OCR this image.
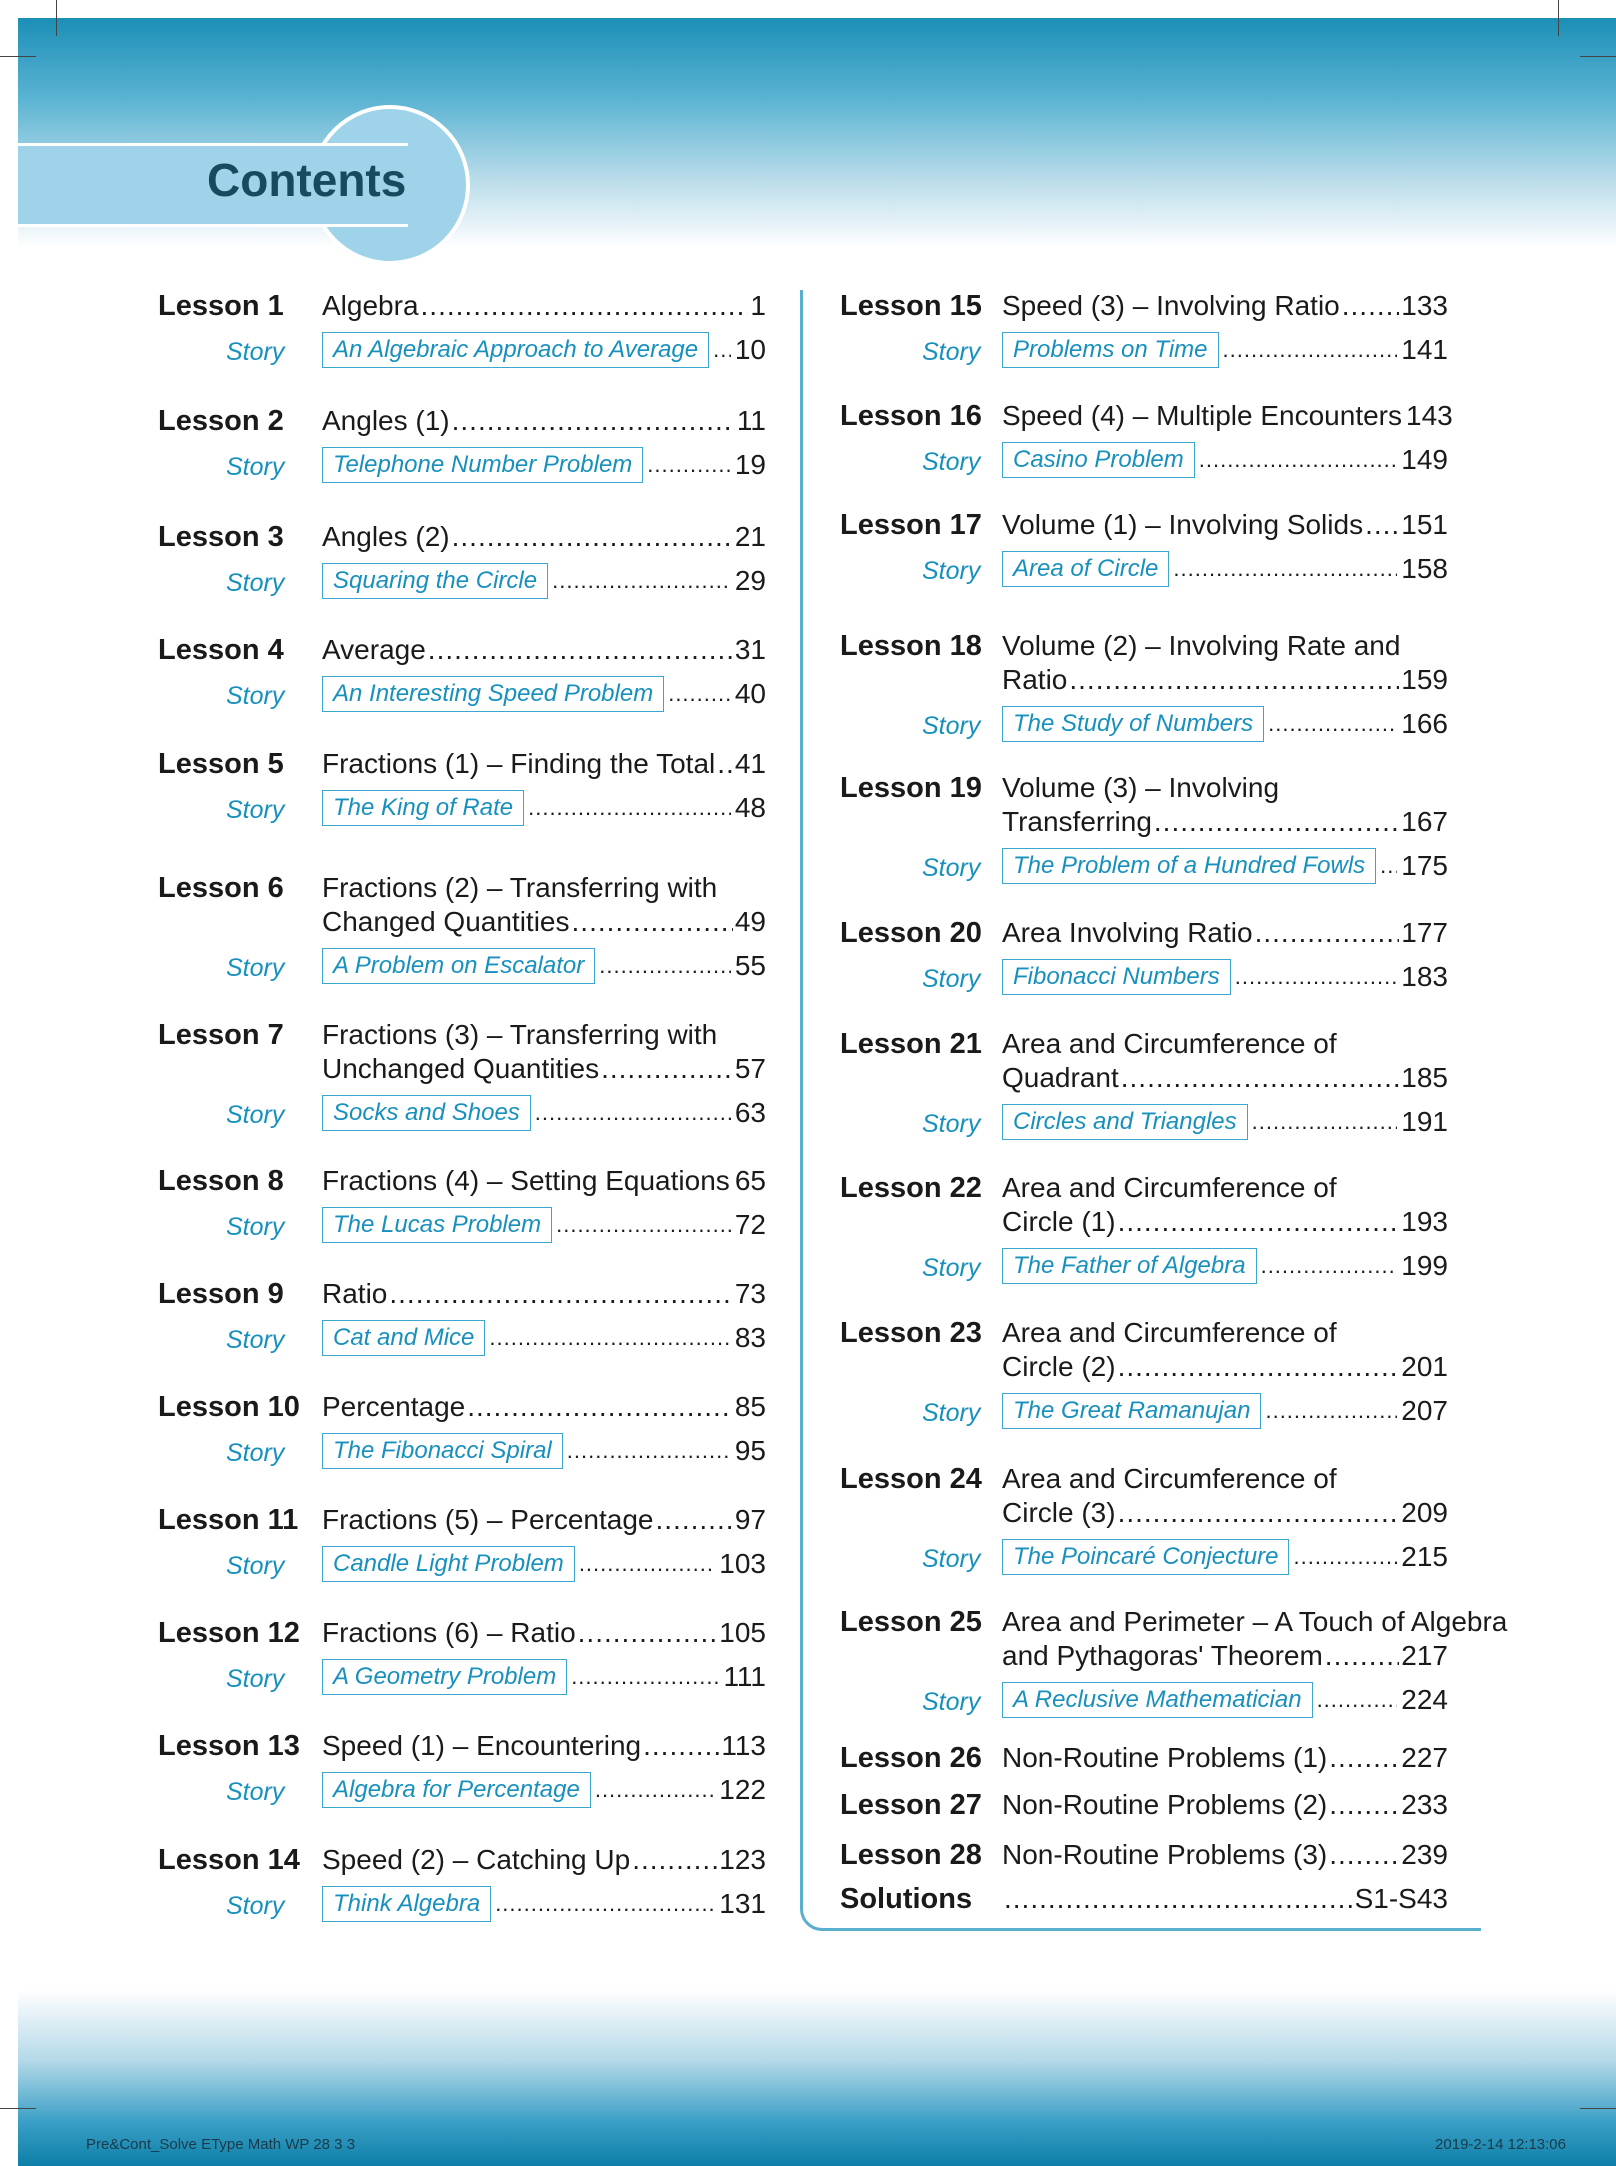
Contents
Lesson 1 Algebra .....	1
Story	An Algebraic Approach to Average .....	10
Lesson 2 Angles (1) .....	11
Story	Telephone Number Problem .....	19
Lesson 3 Angles (2) .....	21
Story	Squaring the Circle .....	29
Lesson 4 Average .....	31
Story	An Interesting Speed Problem .....	40
Lesson 5 Fractions (1) – Finding the Total ..... 41
Story	The King of Rate .....	48
Lesson 6 Fractions (2) – Transferring with
Changed Quantities .....	49
Story	A Problem on Escalator .....	55
Lesson 7 Fractions (3) – Transferring with
Unchanged Quantities .....	57
Story	Socks and Shoes .....	63
Lesson 8 Fractions (4) – Setting Equations ..... 65
Story	The Lucas Problem .....	72
Lesson 9 Ratio .....	73
Story	Cat and Mice .....	83
Lesson 10 Percentage .....	85
Story	The Fibonacci Spiral .....	95
Lesson 11 Fractions (5) – Percentage .....	97
Story	Candle Light Problem .....	103
Lesson 12 Fractions (6) – Ratio .....	105
Story	A Geometry Problem .....	111
Lesson 13 Speed (1) – Encountering .....	113
Story	Algebra for Percentage .....	122
Lesson 14 Speed (2) – Catching Up .....	123
Story	Think Algebra .....	131
Lesson 15 Speed (3) – Involving Ratio ..... 133
Story	Problems on Time .....	141
Lesson 16 Speed (4) – Multiple Encounters 143
Story	Casino Problem .....	149
Lesson 17 Volume (1) – Involving Solids ..... 151
Story	Area of Circle .....	158
Lesson 18 Volume (2) – Involving Rate and
Ratio .....	159
Story	The Study of Numbers .....	166
Lesson 19 Volume (3) – Involving
Transferring .....	167
Story	The Problem of a Hundred Fowls .....	175
Lesson 20 Area Involving Ratio .....	177
Story	Fibonacci Numbers .....	183
Lesson 21 Area and Circumference of
Quadrant .....	185
Story	Circles and Triangles .....	191
Lesson 22 Area and Circumference of
Circle (1) .....	193
Story	The Father of Algebra .....	199
Lesson 23 Area and Circumference of
Circle (2) .....	201
Story	The Great Ramanujan .....	207
Lesson 24 Area and Circumference of
Circle (3) .....	209
Story	The Poincaré Conjecture .....	215
Lesson 25 Area and Perimeter – A Touch of Algebra
and Pythagoras' Theorem .....	217
Story	A Reclusive Mathematician .....	224
Lesson 26 Non-Routine Problems (1) .....	227
Lesson 27 Non-Routine Problems (2) .....	233
Lesson 28 Non-Routine Problems (3) .....	239
Solutions .....	S1-S43
Pre&Cont_Solve EType Math WP 28 3 3	2019-2-14 12:13:06
